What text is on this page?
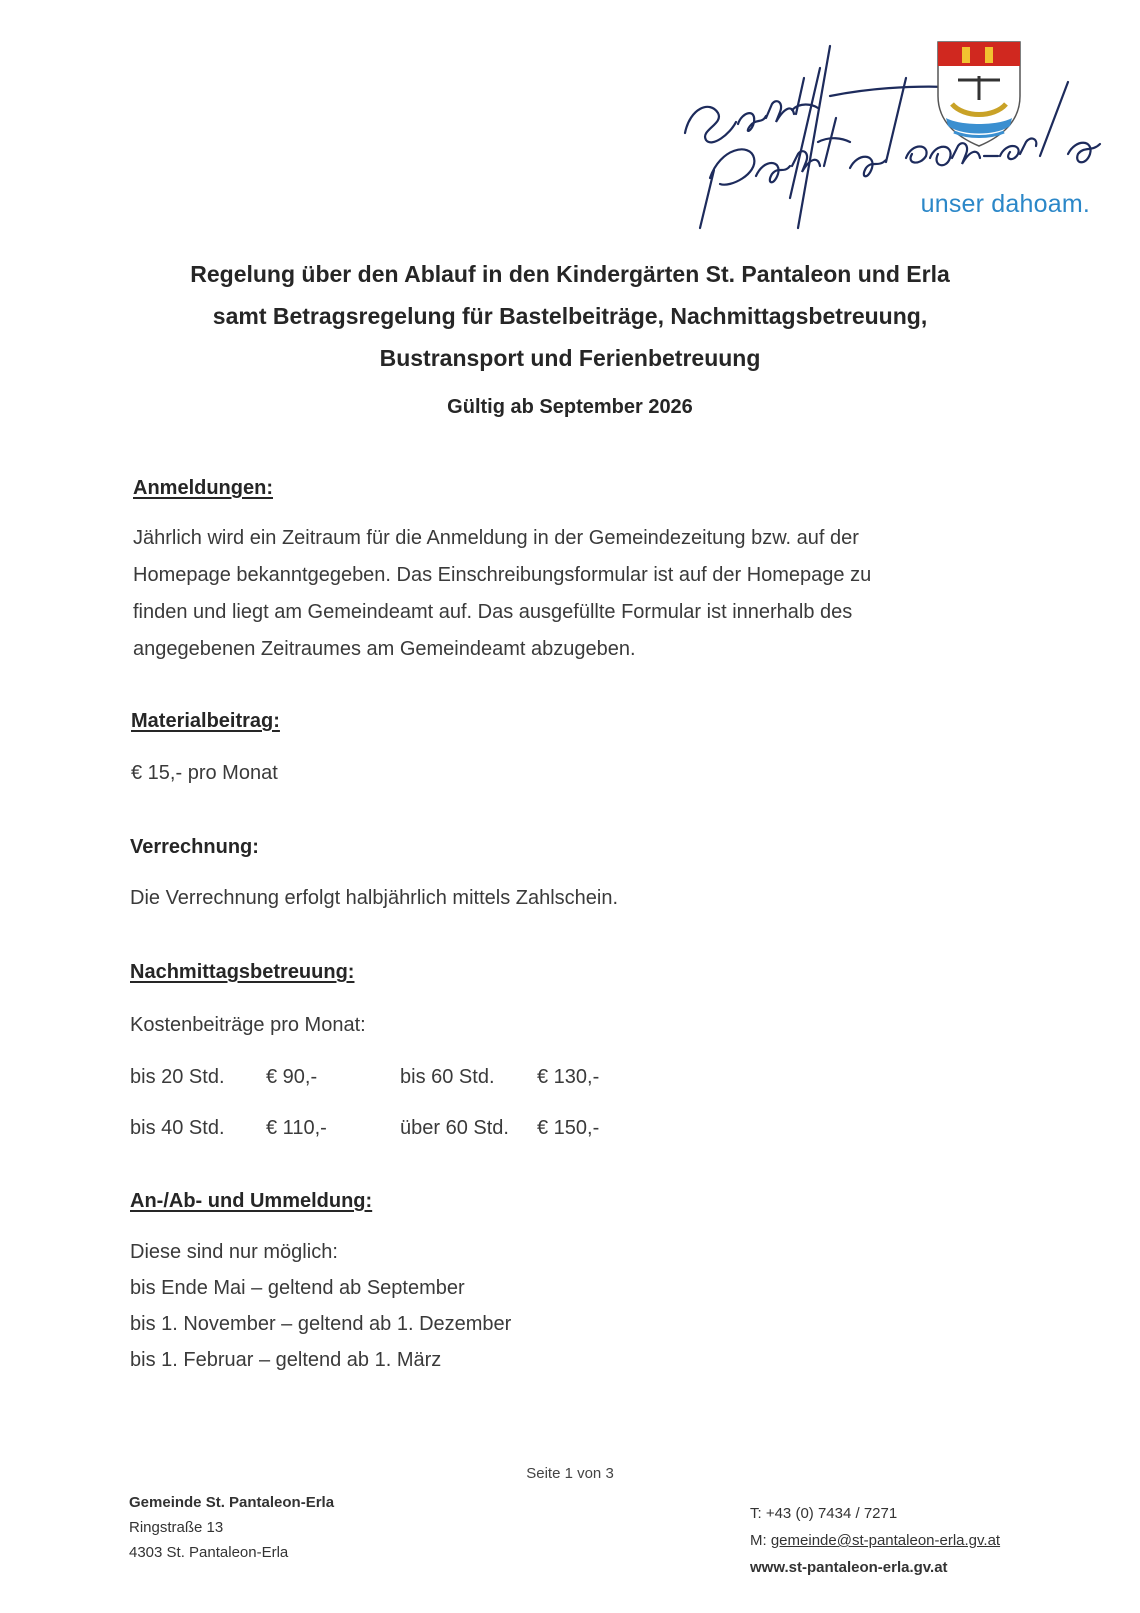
unser dahoam.
Regelung über den Ablauf in den Kindergärten St. Pantaleon und Erla
samt Betragsregelung für Bastelbeiträge, Nachmittagsbetreuung,
Bustransport und Ferienbetreuung
Gültig ab September 2026
Anmeldungen:
Jährlich wird ein Zeitraum für die Anmeldung in der Gemeindezeitung bzw. auf der
Homepage bekanntgegeben. Das Einschreibungsformular ist auf der Homepage zu
finden und liegt am Gemeindeamt auf. Das ausgefüllte Formular ist innerhalb des
angegebenen Zeitraumes am Gemeindeamt abzugeben.
Materialbeitrag:
€ 15,- pro Monat
Verrechnung:
Die Verrechnung erfolgt halbjährlich mittels Zahlschein.
Nachmittagsbetreuung:
Kostenbeiträge pro Monat:
bis 20 Std. € 90,-	bis 60 Std. € 130,-
bis 40 Std. € 110,-	über 60 Std. € 150,-
An-/Ab- und Ummeldung:
Diese sind nur möglich:
bis Ende Mai – geltend ab September
bis 1. November – geltend ab 1. Dezember
bis 1. Februar – geltend ab 1. März
Seite 1 von 3
Gemeinde St. Pantaleon-Erla
Ringstraße 13
4303 St. Pantaleon-Erla
T: +43 (0) 7434 / 7271
M: gemeinde@st-pantaleon-erla.gv.at
www.st-pantaleon-erla.gv.at
